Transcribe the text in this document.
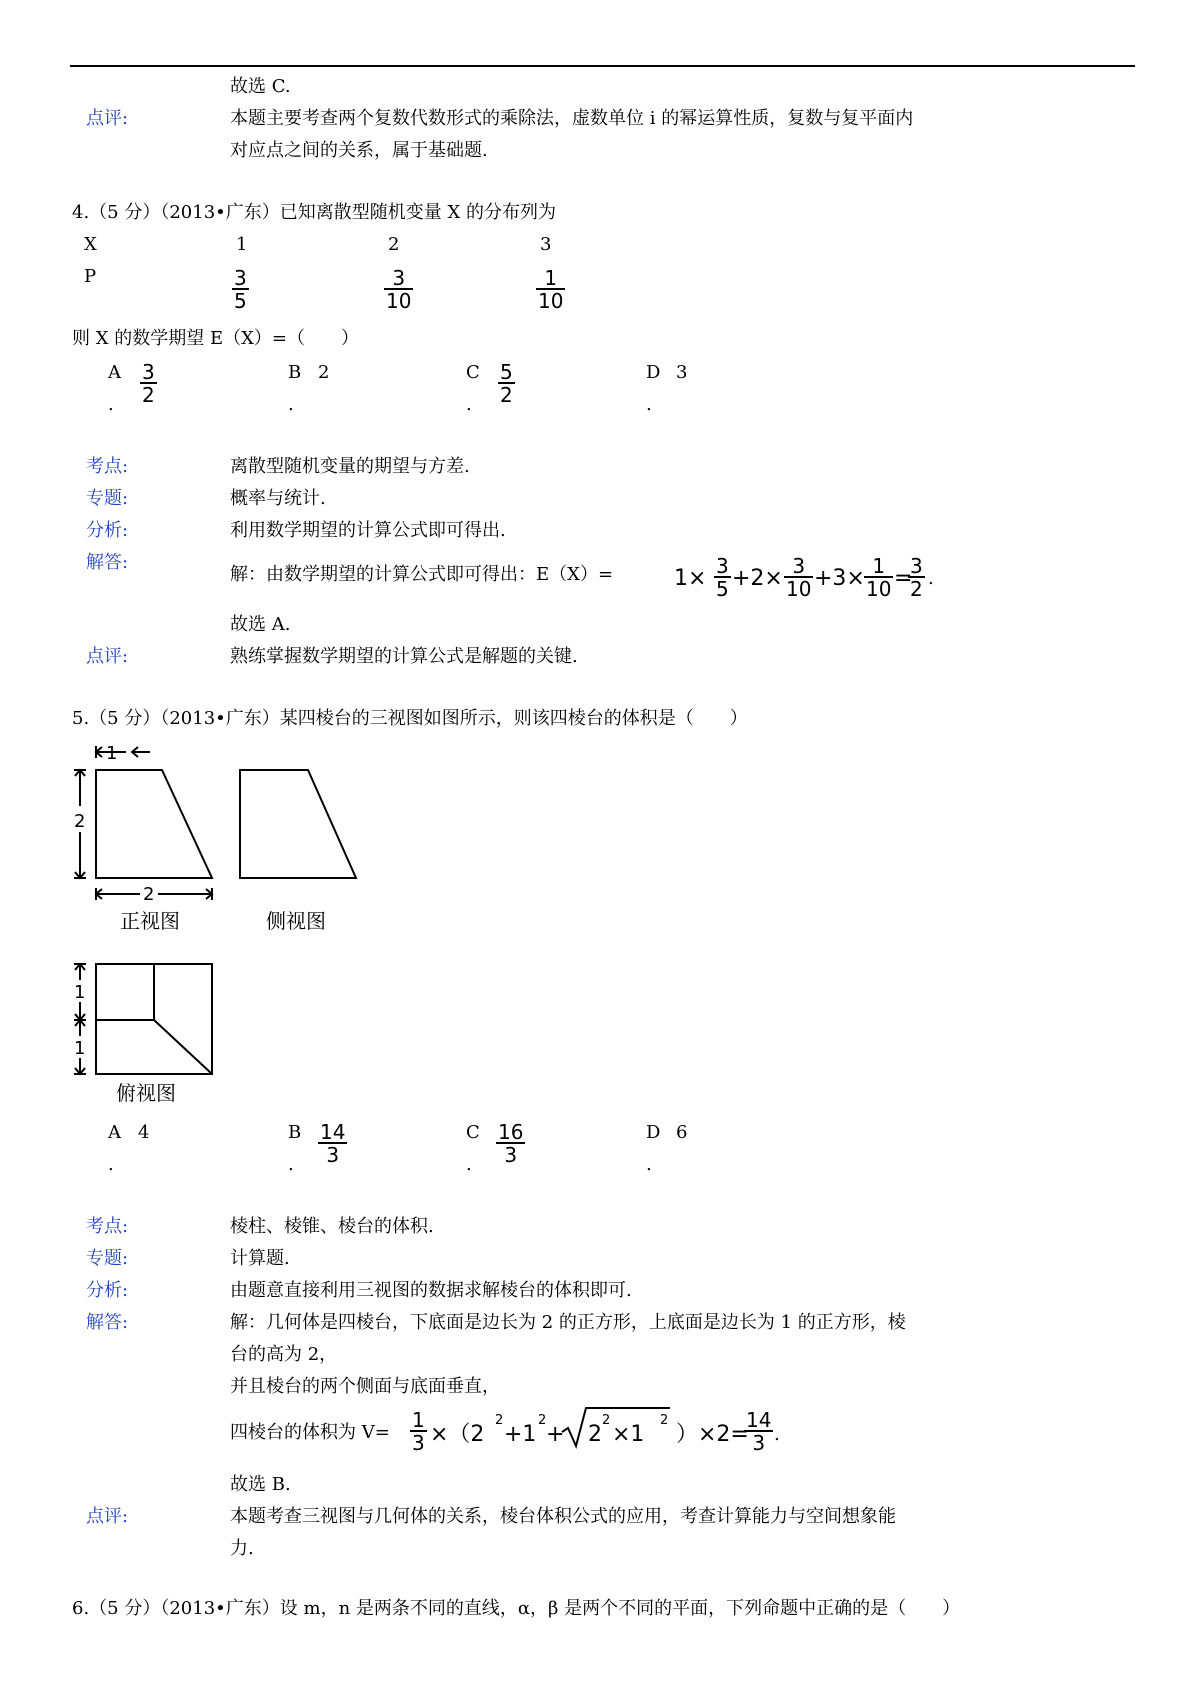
故选 C.
点评:	本题主要考查两个复数代数形式的乘除法，虚数单位 i 的幂运算性质，复数与复平面内
对应点之间的关系，属于基础题.
4.（5 分）（2013•广东）已知离散型随机变量 X 的分布列为
X	1	2	3
P	$\frac{3}{5}$	$\frac{3}{10}$	$\frac{1}{10}$
则 X 的数学期望 E（X）=（　　）
A
. $\frac{3}{2}$	B
.
2	C
. $\frac{5}{2}$	D
.
3
考点:	离散型随机变量的期望与方差.
专题:	概率与统计.
分析:	利用数学期望的计算公式即可得出.
解答:
解：由数学期望的计算公式即可得出：E（X）=	$1\times \frac{3}{5} +2\times \frac{3}{10} +3\times \frac{1}{10}$ =
$\frac{3}{2}$ .
故选 A.
点评:	熟练掌握数学期望的计算公式是解题的关键.
5.（5 分）（2013•广东）某四棱台的三视图如图所示，则该四棱台的体积是（　　）
1
2
2
正视图	侧视图
1
1
俯视图
A
.
4	B
. $\frac{14}{3}$	C
. $\frac{16}{3}$	D
.
6
考点:	棱柱、棱锥、棱台的体积.
专题:	计算题.
分析:	由题意直接利用三视图的数据求解棱台的体积即可.
解答:	解：几何体是四棱台，下底面是边长为 2 的正方形，上底面是边长为 1 的正方形，棱
台的高为 2，
并且棱台的两个侧面与底面垂直，
四棱台的体积为 $V= \frac{1}{3} \times(2$
2
+1
2
+ 2
2
×1
2
）×2=
$\frac{14}{3}$ .
故选 B.
点评:	本题考查三视图与几何体的关系，棱台体积公式的应用，考查计算能力与空间想象能
力.
6.（5 分）（2013•广东）设 m，n 是两条不同的直线，α，β 是两个不同的平面，下列命题中正确的是（　　）
